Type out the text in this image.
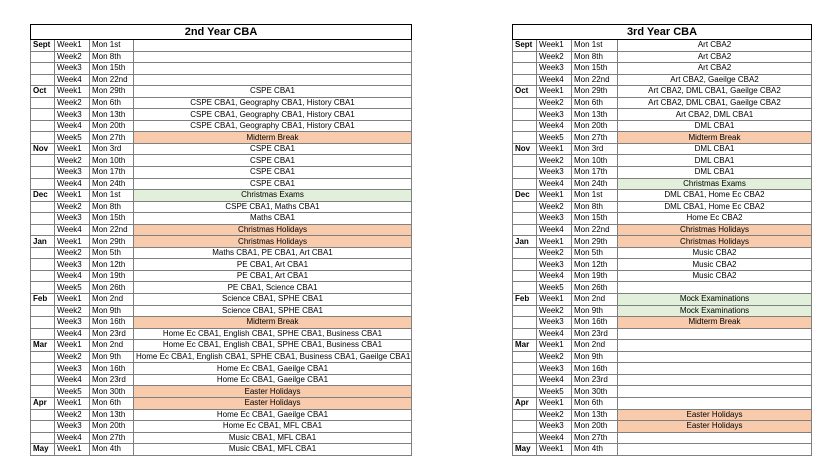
2nd Year CBA			
Sept	Week1	Mon 1st	
	Week2	Mon 8th	
	Week3	Mon 15th	
	Week4	Mon 22nd	
Oct	Week1	Mon 29th	CSPE CBA1
	Week2	Mon 6th	CSPE CBA1, Geography CBA1, History CBA1
	Week3	Mon 13th	CSPE CBA1, Geography CBA1, History CBA1
	Week4	Mon 20th	CSPE CBA1, Geography CBA1, History CBA1
	Week5	Mon 27th	Midterm Break
Nov	Week1	Mon 3rd	CSPE CBA1
	Week2	Mon 10th	CSPE CBA1
	Week3	Mon 17th	CSPE CBA1
	Week4	Mon 24th	CSPE CBA1
Dec	Week1	Mon 1st	Christmas Exams
	Week2	Mon 8th	CSPE CBA1, Maths CBA1
	Week3	Mon 15th	Maths CBA1
	Week4	Mon 22nd	Christmas Holidays
Jan	Week1	Mon 29th	Christmas Holidays
	Week2	Mon 5th	Maths CBA1, PE CBA1, Art CBA1
	Week3	Mon 12th	PE CBA1, Art CBA1
	Week4	Mon 19th	PE CBA1, Art CBA1
	Week5	Mon 26th	PE CBA1, Science CBA1
Feb	Week1	Mon 2nd	Science CBA1, SPHE CBA1
	Week2	Mon 9th	Science CBA1, SPHE CBA1
	Week3	Mon 16th	Midterm Break
	Week4	Mon 23rd	Home Ec CBA1, English CBA1, SPHE CBA1, Business CBA1
Mar	Week1	Mon 2nd	Home Ec CBA1, English CBA1, SPHE CBA1, Business CBA1
	Week2	Mon 9th	Home Ec CBA1, English CBA1, SPHE CBA1, Business CBA1, Gaeilge CBA1
	Week3	Mon 16th	Home Ec CBA1, Gaeilge CBA1
	Week4	Mon 23rd	Home Ec CBA1, Gaeilge CBA1
	Week5	Mon 30th	Easter Holidays
Apr	Week1	Mon 6th	Easter Holidays
	Week2	Mon 13th	Home Ec CBA1, Gaeilge CBA1
	Week3	Mon 20th	Home Ec CBA1, MFL CBA1
	Week4	Mon 27th	Music CBA1, MFL CBA1
May	Week1	Mon 4th	Music CBA1, MFL CBA1
3rd Year CBA			
Sept	Week1	Mon 1st	Art CBA2
	Week2	Mon 8th	Art CBA2
	Week3	Mon 15th	Art CBA2
	Week4	Mon 22nd	Art CBA2, Gaeilge CBA2
Oct	Week1	Mon 29th	Art CBA2, DML CBA1, Gaeilge CBA2
	Week2	Mon 6th	Art CBA2, DML CBA1, Gaeilge CBA2
	Week3	Mon 13th	Art CBA2, DML CBA1
	Week4	Mon 20th	DML CBA1
	Week5	Mon 27th	Midterm Break
Nov	Week1	Mon 3rd	DML CBA1
	Week2	Mon 10th	DML CBA1
	Week3	Mon 17th	DML CBA1
	Week4	Mon 24th	Christmas Exams
Dec	Week1	Mon 1st	DML CBA1, Home Ec CBA2
	Week2	Mon 8th	DML CBA1, Home Ec CBA2
	Week3	Mon 15th	Home Ec CBA2
	Week4	Mon 22nd	Christmas Holidays
Jan	Week1	Mon 29th	Christmas Holidays
	Week2	Mon 5th	Music CBA2
	Week3	Mon 12th	Music CBA2
	Week4	Mon 19th	Music CBA2
	Week5	Mon 26th	
Feb	Week1	Mon 2nd	Mock Examinations
	Week2	Mon 9th	Mock Examinations
	Week3	Mon 16th	Midterm Break
	Week4	Mon 23rd	
Mar	Week1	Mon 2nd	
	Week2	Mon 9th	
	Week3	Mon 16th	
	Week4	Mon 23rd	
	Week5	Mon 30th	
Apr	Week1	Mon 6th	
	Week2	Mon 13th	Easter Holidays
	Week3	Mon 20th	Easter Holidays
	Week4	Mon 27th	
May	Week1	Mon 4th	
